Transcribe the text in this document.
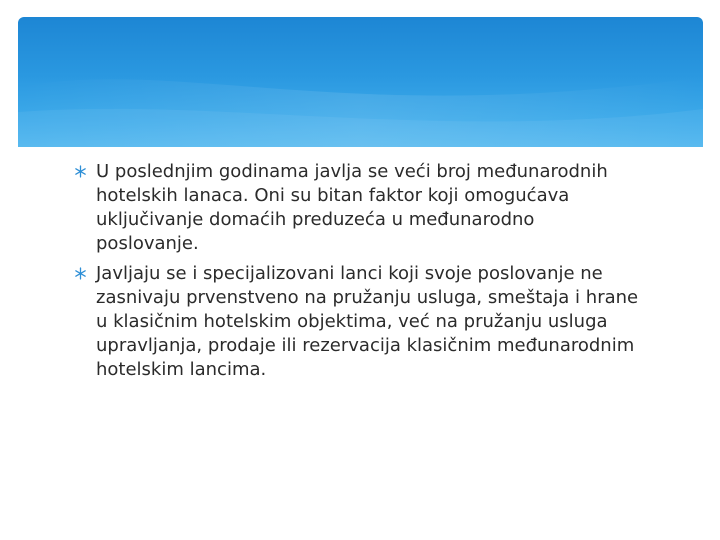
U poslednjim godinama javlja se veći broj međunarodnih hotelskih lanaca. Oni su bitan faktor koji omogućava uključivanje domaćih preduzeća u međunarodno poslovanje.
Javljaju se i specijalizovani lanci koji svoje poslovanje ne zasnivaju prvenstveno na pružanju usluga, smeštaja i hrane u klasičnim hotelskim objektima, već na pružanju usluga upravljanja, prodaje ili rezervacija klasičnim međunarodnim hotelskim lancima.
